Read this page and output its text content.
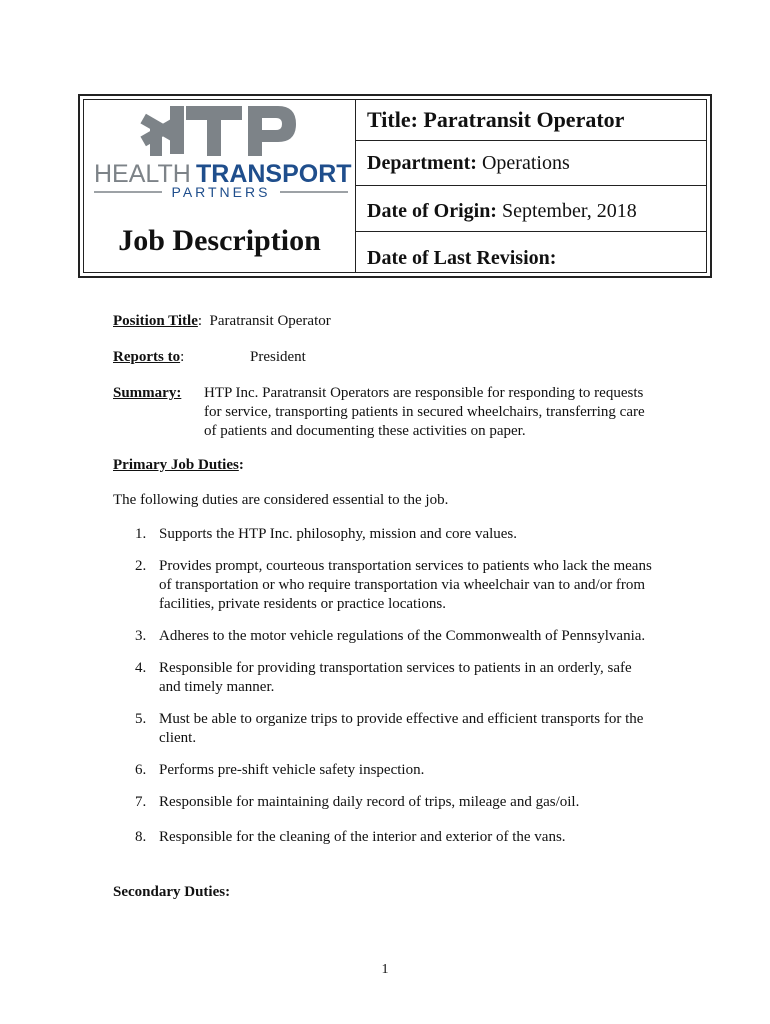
HEALTH TRANSPORT
PARTNERS
Job Description
Title: Paratransit Operator
Department: Operations
Date of Origin: September, 2018
Date of Last Revision:
Position Title:  Paratransit Operator
Reports to:	President
Summary: HTP Inc. Paratransit Operators are responsible for responding to requests
for service, transporting patients in secured wheelchairs, transferring care
of patients and documenting these activities on paper.
Primary Job Duties:
The following duties are considered essential to the job.
1. Supports the HTP Inc. philosophy, mission and core values.
2. Provides prompt, courteous transportation services to patients who lack the means
of transportation or who require transportation via wheelchair van to and/or from
facilities, private residents or practice locations.
3. Adheres to the motor vehicle regulations of the Commonwealth of Pennsylvania.
4. Responsible for providing transportation services to patients in an orderly, safe
and timely manner.
5. Must be able to organize trips to provide effective and efficient transports for the
client.
6. Performs pre-shift vehicle safety inspection.
7. Responsible for maintaining daily record of trips, mileage and gas/oil.
8. Responsible for the cleaning of the interior and exterior of the vans.
Secondary Duties:
1
